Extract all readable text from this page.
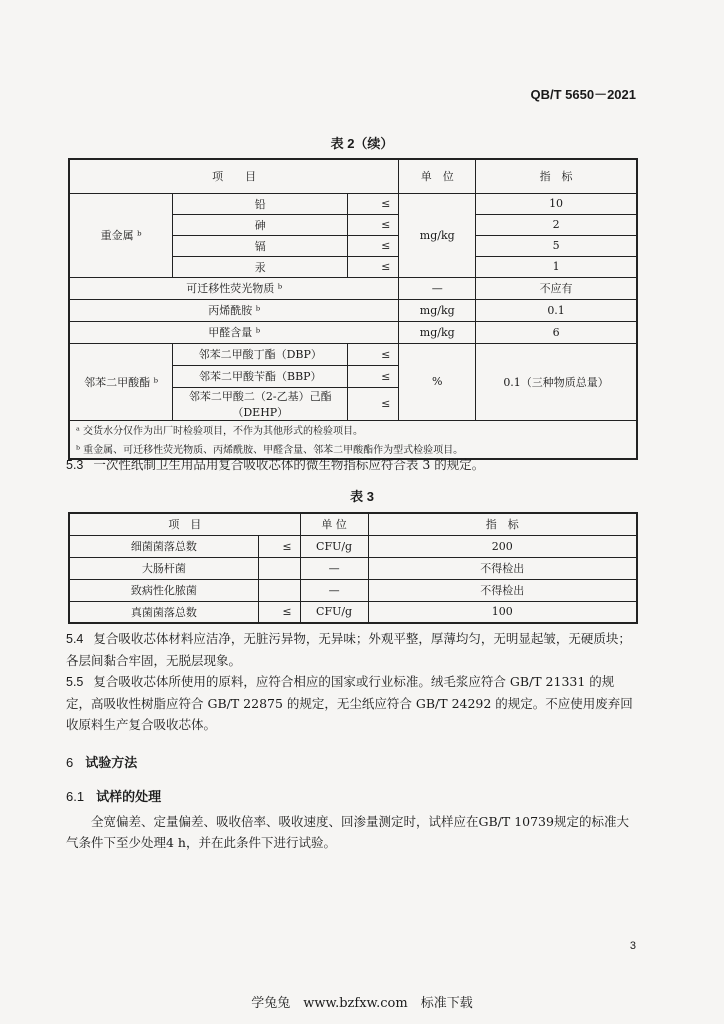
QB/T 5650－2021
表 2（续）
项　　目			单　位	指　标
重金属 ᵇ	铅	≤	mg/kg	10
	砷	≤		2
	镉	≤		5
	汞	≤		1
可迁移性荧光物质 ᵇ			—	不应有
丙烯酰胺 ᵇ			mg/kg	0.1
甲醛含量 ᵇ			mg/kg	6
邻苯二甲酸酯 ᵇ	邻苯二甲酸丁酯（DBP）	≤	%	0.1（三种物质总量）
	邻苯二甲酸苄酯（BBP）	≤		
	邻苯二甲酸二（2-乙基）己酯（DEHP）	≤		
ᵃ 交货水分仅作为出厂时检验项目，不作为其他形式的检验项目。				
ᵇ 重金属、可迁移性荧光物质、丙烯酰胺、甲醛含量、邻苯二甲酸酯作为型式检验项目。				
5.3 一次性纸制卫生用品用复合吸收芯体的微生物指标应符合表 3 的规定。
表 3
项　目		单 位	指　标
细菌菌落总数	≤	CFU/g	200
大肠杆菌		—	不得检出
致病性化脓菌		—	不得检出
真菌菌落总数	≤	CFU/g	100
5.4 复合吸收芯体材料应洁净，无脏污异物，无异味；外观平整，厚薄均匀，无明显起皱，无硬质块；各层间黏合牢固，无脱层现象。
5.5 复合吸收芯体所使用的原料，应符合相应的国家或行业标准。绒毛浆应符合 GB/T 21331 的规定，高吸收性树脂应符合 GB/T 22875 的规定，无尘纸应符合 GB/T 24292 的规定。不应使用废弃回收原料生产复合吸收芯体。
6 试验方法
6.1 试样的处理
全宽偏差、定量偏差、吸收倍率、吸收速度、回渗量测定时，试样应在GB/T 10739规定的标准大气条件下至少处理4 h，并在此条件下进行试验。
3
学兔兔　www.bzfxw.com　标准下载
